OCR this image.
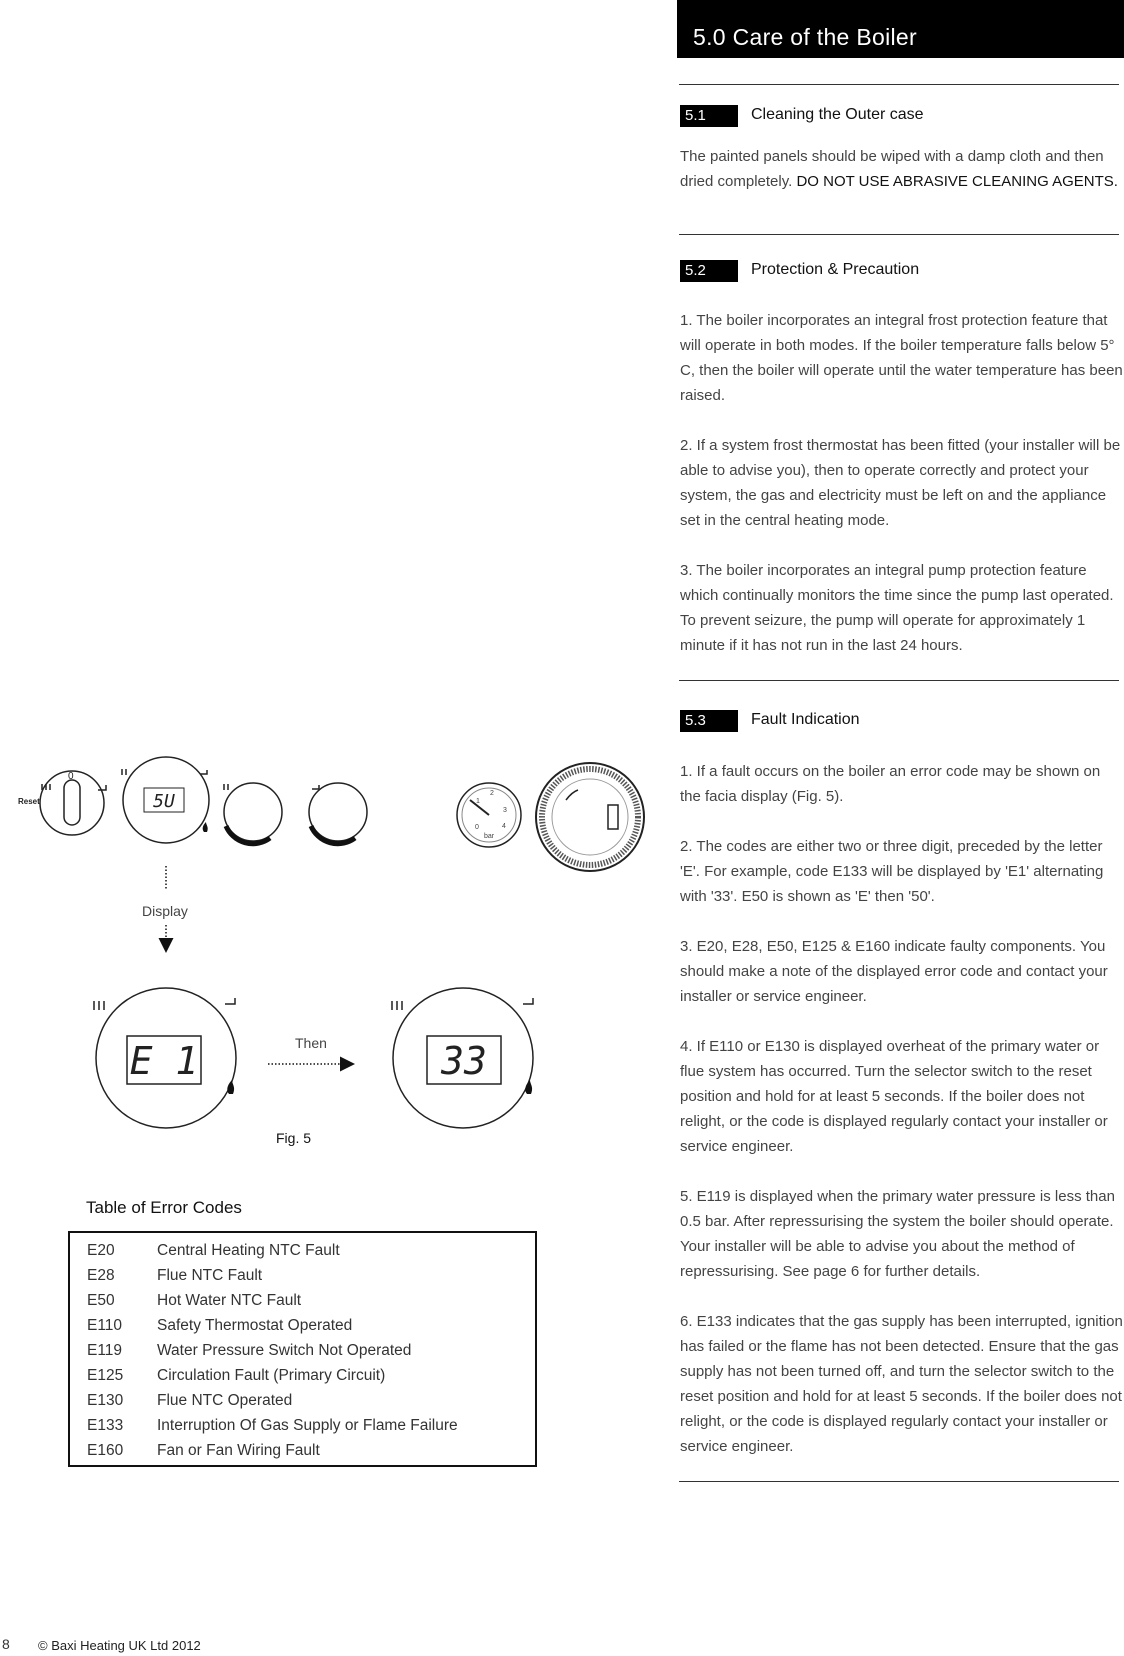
5.0 Care of the Boiler
5.1	Cleaning the Outer case
The painted panels should be wiped with a damp cloth and then dried completely. DO NOT USE ABRASIVE CLEANING AGENTS.
5.2	Protection & Precaution

1. The boiler incorporates an integral frost protection feature that will operate in both modes. If the boiler temperature falls below 5° C, then the boiler will operate until the water temperature has been raised.

2. If a system frost thermostat has been fitted (your installer will be able to advise you), then to operate correctly and protect your system, the gas and electricity must be left on and the appliance set in the central heating mode.

3. The boiler incorporates an integral pump protection feature which continually monitors the time since the pump last operated. To prevent seizure, the pump will operate for approximately 1 minute if it has not run in the last 24 hours.

5.3	Fault Indication

1. If a fault occurs on the boiler an error code may be shown on the facia display (Fig. 5).

2. The codes are either two or three digit, preceded by the letter 'E'. For example, code E133 will be displayed by 'E1' alternating with '33'. E50 is shown as 'E' then '50'.

3. E20, E28, E50, E125 & E160 indicate faulty components. You should make a note of the displayed error code and contact your installer or service engineer.

4. If E110 or E130 is displayed overheat of the primary water or flue system has occurred. Turn the selector switch to the reset position and hold for at least 5 seconds. If the boiler does not relight, or the code is displayed regularly contact your installer or service engineer.

5. E119 is displayed when the primary water pressure is less than 0.5 bar. After repressurising the system the boiler should operate. Your installer will be able to advise you about the method of repressurising. See page 6 for further details.

6. E133 indicates that the gas supply has been interrupted, ignition has failed or the flame has not been detected. Ensure that the gas supply has not been turned off, and turn the selector switch to the reset position and hold for at least 5 seconds. If the boiler does not relight, or the code is displayed regularly contact your installer or service engineer.

Reset
0
5U
0
1
2
3
4
bar
Display
E 1	Then	33
Fig. 5
Table of Error Codes
E20	Central Heating NTC Fault
E28	Flue NTC Fault
E50	Hot Water NTC Fault
E110 Safety Thermostat Operated
E119 Water Pressure Switch Not Operated
E125 Circulation Fault (Primary Circuit)
E130 Flue NTC Operated
E133 Interruption Of Gas Supply or Flame Failure
E160 Fan or Fan Wiring Fault
8 © Baxi Heating UK Ltd 2012
